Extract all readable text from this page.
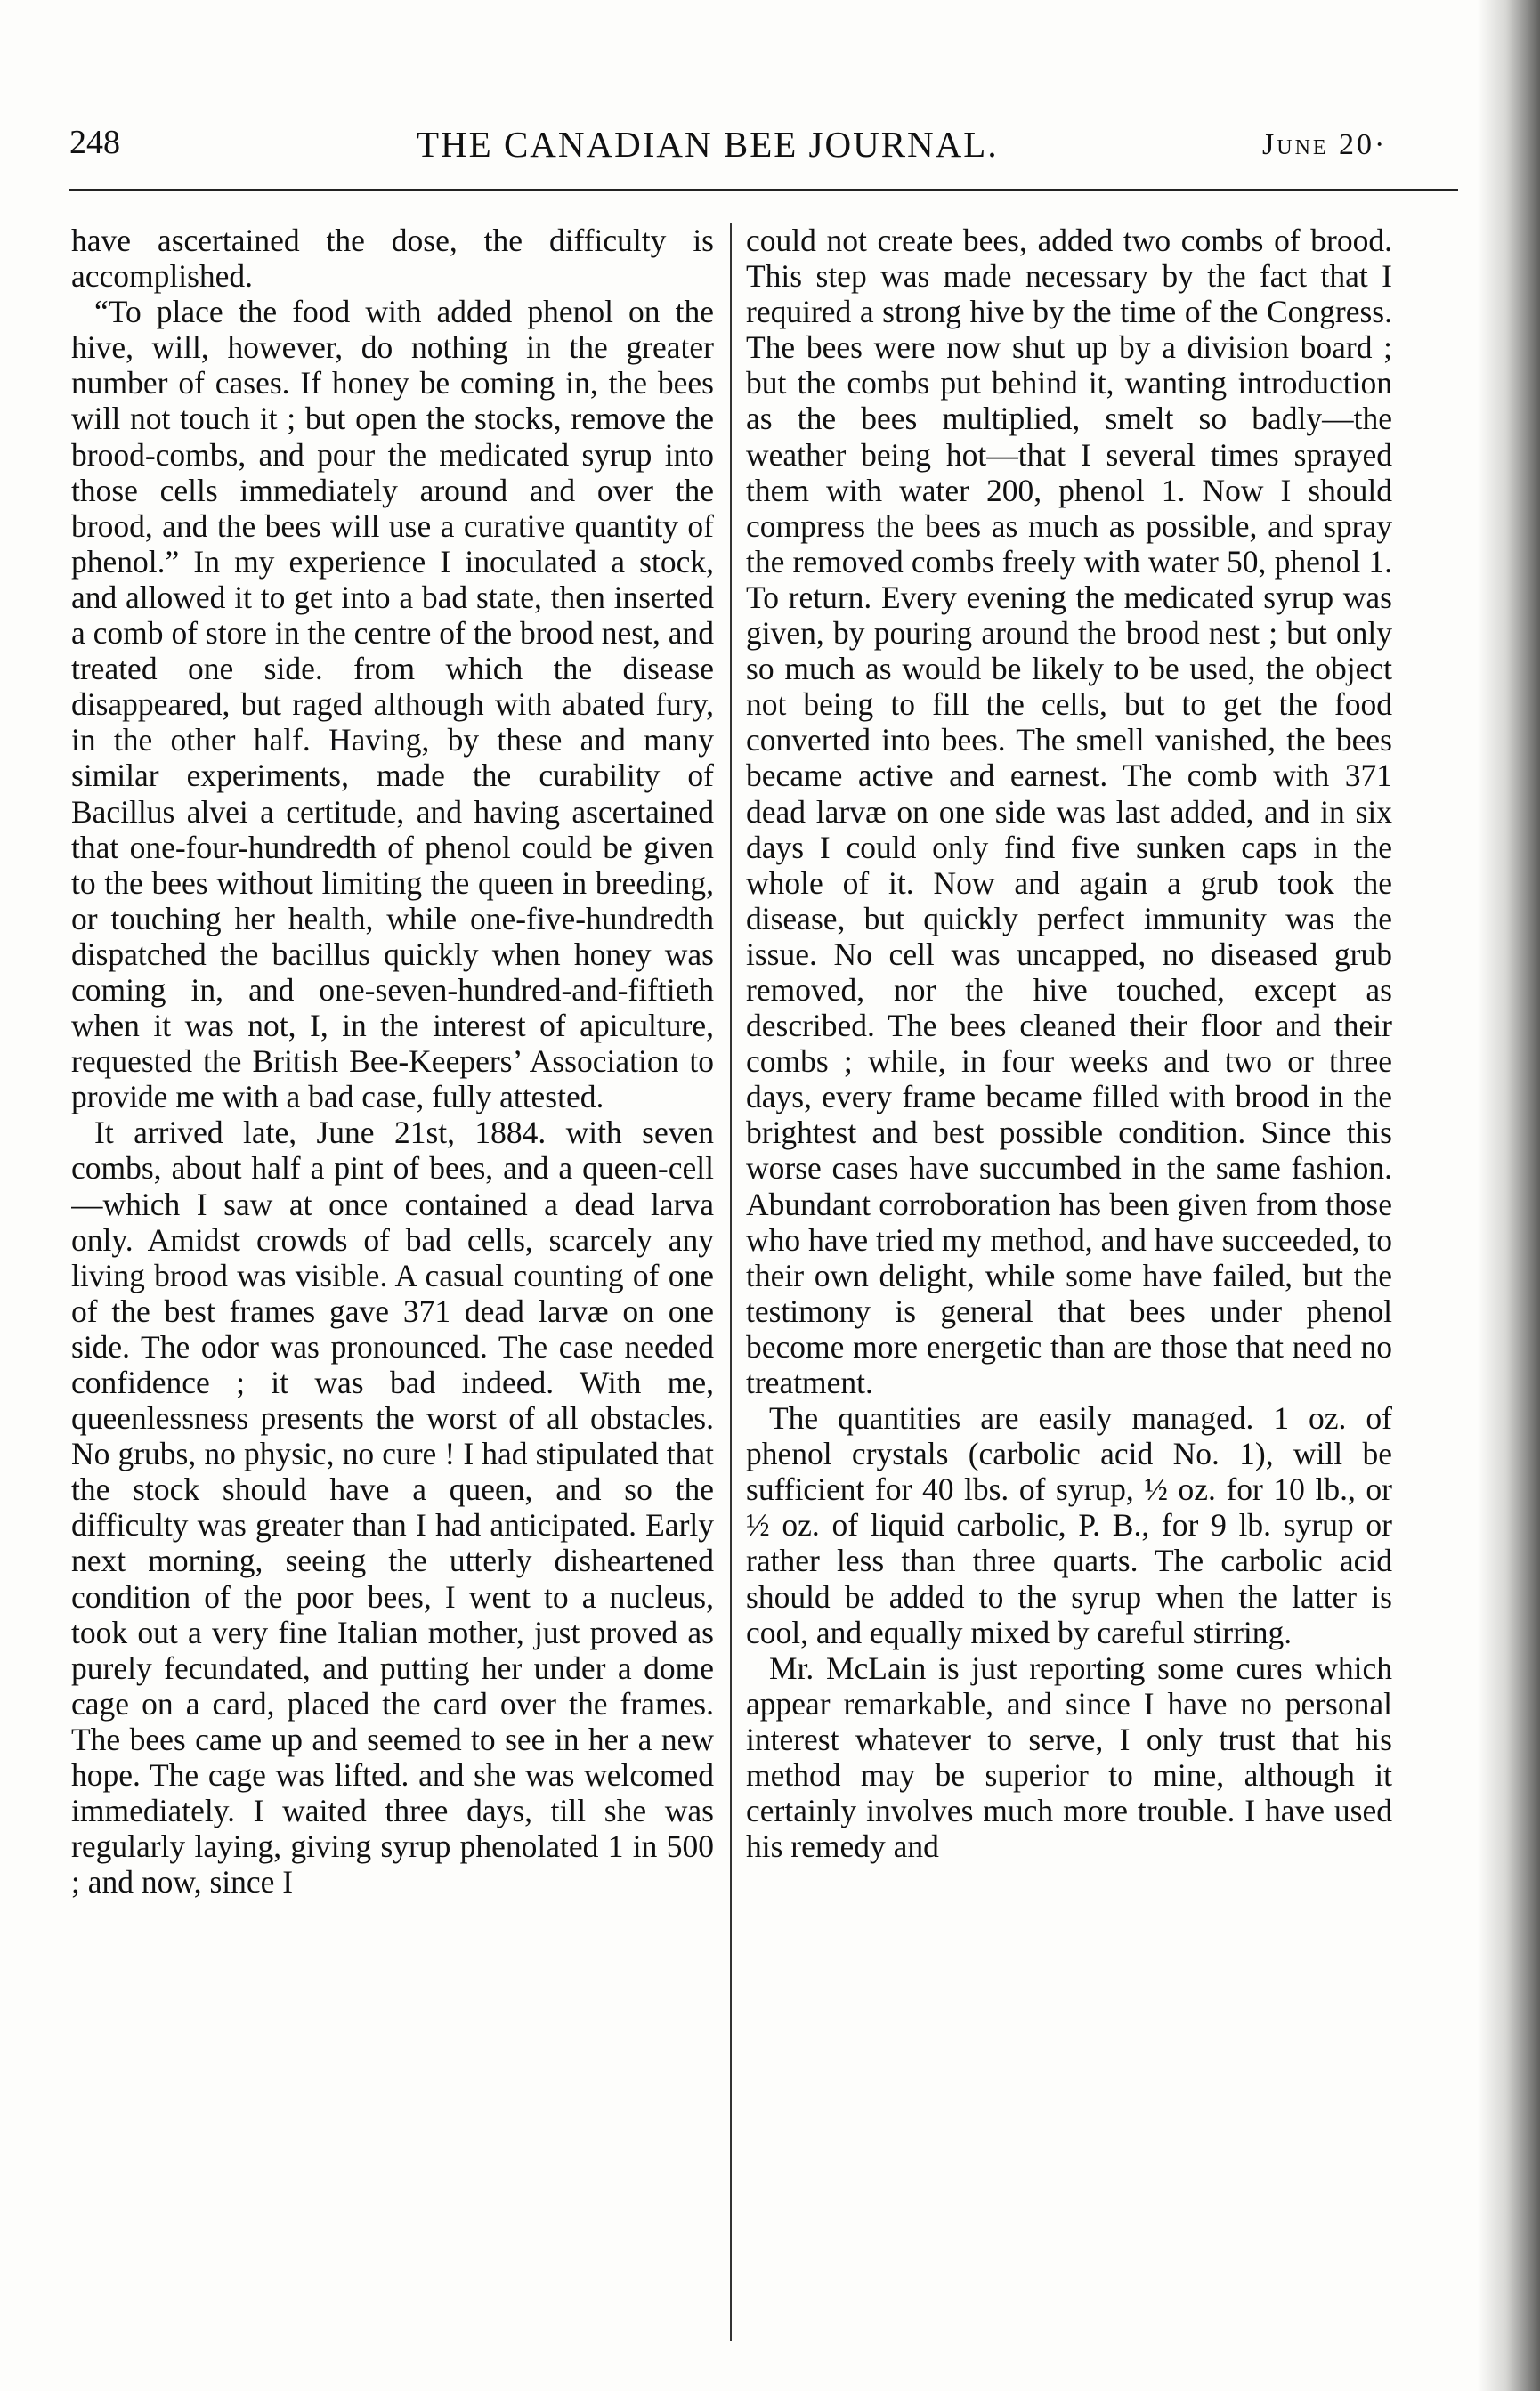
248	THE CANADIAN BEE JOURNAL.	June 20·

have ascertained the dose, the difficulty is accomplished.

“To place the food with added phenol on the hive, will, however, do nothing in the greater number of cases. If honey be coming in, the bees will not touch it ; but open the stocks, remove the brood-combs, and pour the medicated syrup into those cells immediately around and over the brood, and the bees will use a curative quantity of phenol.” In my experience I inoculated a stock, and allowed it to get into a bad state, then inserted a comb of store in the centre of the brood nest, and treated one side. from which the disease disappeared, but raged although with abated fury, in the other half. Having, by these and many similar experiments, made the curability of Bacillus alvei a certitude, and having ascertained that one-four-hundredth of phenol could be given to the bees without limiting the queen in breeding, or touching her health, while one-five-hundredth dispatched the bacillus quickly when honey was coming in, and one-seven-hundred-and-fiftieth when it was not, I, in the interest of apiculture, requested the British Bee-Keepers’ Association to provide me with a bad case, fully attested.

It arrived late, June 21st, 1884. with seven combs, about half a pint of bees, and a queen-cell—which I saw at once contained a dead larva only. Amidst crowds of bad cells, scarcely any living brood was visible. A casual counting of one of the best frames gave 371 dead larvæ on one side. The odor was pronounced. The case needed confidence ; it was bad indeed. With me, queenlessness presents the worst of all obstacles. No grubs, no physic, no cure ! I had stipulated that the stock should have a queen, and so the difficulty was greater than I had anticipated. Early next morning, seeing the utterly disheartened condition of the poor bees, I went to a nucleus, took out a very fine Italian mother, just proved as purely fecundated, and putting her under a dome cage on a card, placed the card over the frames. The bees came up and seemed to see in her a new hope. The cage was lifted. and she was welcomed immediately. I waited three days, till she was regularly laying, giving syrup phenolated 1 in 500 ; and now, since I

could not create bees, added two combs of brood. This step was made necessary by the fact that I required a strong hive by the time of the Congress. The bees were now shut up by a division board ; but the combs put behind it, wanting introduction as the bees multiplied, smelt so badly—the weather being hot—that I several times sprayed them with water 200, phenol 1. Now I should compress the bees as much as possible, and spray the removed combs freely with water 50, phenol 1. To return. Every evening the medicated syrup was given, by pouring around the brood nest ; but only so much as would be likely to be used, the object not being to fill the cells, but to get the food converted into bees. The smell vanished, the bees became active and earnest. The comb with 371 dead larvæ on one side was last added, and in six days I could only find five sunken caps in the whole of it. Now and again a grub took the disease, but quickly perfect immunity was the issue. No cell was uncapped, no diseased grub removed, nor the hive touched, except as described. The bees cleaned their floor and their combs ; while, in four weeks and two or three days, every frame became filled with brood in the brightest and best possible condition. Since this worse cases have succumbed in the same fashion. Abundant corroboration has been given from those who have tried my method, and have succeeded, to their own delight, while some have failed, but the testimony is general that bees under phenol become more energetic than are those that need no treatment.

The quantities are easily managed. 1 oz. of phenol crystals (carbolic acid No. 1), will be sufficient for 40 lbs. of syrup, ½ oz. for 10 lb., or ½ oz. of liquid carbolic, P. B., for 9 lb. syrup or rather less than three quarts. The carbolic acid should be added to the syrup when the latter is cool, and equally mixed by careful stirring.

Mr. McLain is just reporting some cures which appear remarkable, and since I have no personal interest whatever to serve, I only trust that his method may be superior to mine, although it certainly involves much more trouble. I have used his remedy and
